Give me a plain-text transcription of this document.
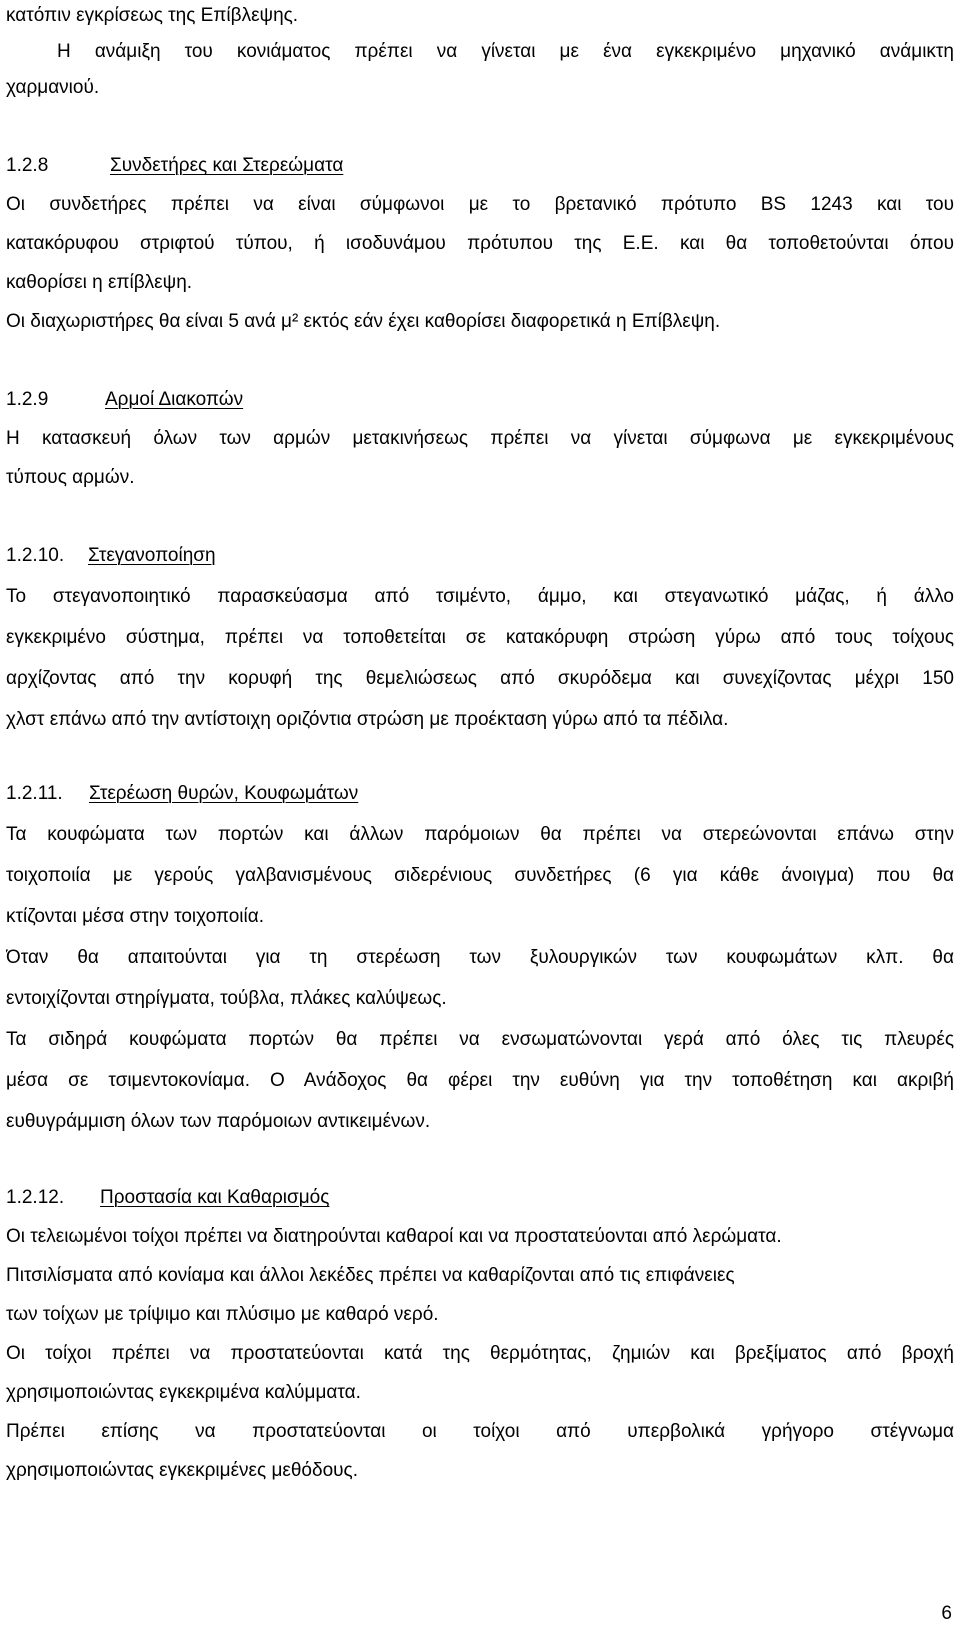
κατόπιν εγκρίσεως της Επίβλεψης.
Η ανάμιξη του κονιάματος πρέπει να γίνεται με ένα εγκεκριμένο μηχανικό ανάμικτη
χαρμανιού.
1.2.8	Συνδετήρες και Στερεώματα
Οι συνδετήρες πρέπει να είναι σύμφωνοι με το βρετανικό πρότυπο BS 1243 και του
κατακόρυφου στριφτού τύπου, ή ισοδυνάμου πρότυπου της Ε.Ε. και θα τοποθετούνται όπου
καθορίσει η επίβλεψη.
Οι διαχωριστήρες θα είναι 5 ανά μ² εκτός εάν έχει καθορίσει διαφορετικά η Επίβλεψη.
1.2.9	Αρμοί Διακοπών
Η κατασκευή όλων των αρμών μετακινήσεως πρέπει να γίνεται σύμφωνα με εγκεκριμένους
τύπους αρμών.
1.2.10. Στεγανοποίηση
Το στεγανοποιητικό παρασκεύασμα από τσιμέντο, άμμο, και στεγανωτικό μάζας, ή άλλο
εγκεκριμένο σύστημα, πρέπει να τοποθετείται σε κατακόρυφη στρώση γύρω από τους τοίχους
αρχίζοντας από την κορυφή της θεμελιώσεως από σκυρόδεμα και συνεχίζοντας μέχρι 150
χλστ επάνω από την αντίστοιχη οριζόντια στρώση με προέκταση γύρω από τα πέδιλα.
1.2.11. Στερέωση θυρών, Κουφωμάτων
Τα κουφώματα των πορτών και άλλων παρόμοιων θα πρέπει να στερεώνονται επάνω στην
τοιχοποιία με γερούς γαλβανισμένους σιδερένιους συνδετήρες (6 για κάθε άνοιγμα) που θα
κτίζονται μέσα στην τοιχοποιία.
Όταν θα απαιτούνται για τη στερέωση των ξυλουργικών των κουφωμάτων κλπ. θα
εντοιχίζονται στηρίγματα, τούβλα, πλάκες καλύψεως.
Τα σιδηρά κουφώματα πορτών θα πρέπει να ενσωματώνονται γερά από όλες τις πλευρές
μέσα σε τσιμεντοκονίαμα. Ο Ανάδοχος θα φέρει την ευθύνη για την τοποθέτηση και ακριβή
ευθυγράμμιση όλων των παρόμοιων αντικειμένων.
1.2.12. Προστασία και Καθαρισμός
Οι τελειωμένοι τοίχοι πρέπει να διατηρούνται καθαροί και να προστατεύονται από λερώματα.
Πιτσιλίσματα από κονίαμα και άλλοι λεκέδες πρέπει να καθαρίζονται από τις επιφάνειες
των τοίχων με τρίψιμο και πλύσιμο με καθαρό νερό.
Οι τοίχοι πρέπει να προστατεύονται κατά της θερμότητας, ζημιών και βρεξίματος από βροχή
χρησιμοποιώντας εγκεκριμένα καλύμματα.
Πρέπει επίσης να προστατεύονται οι τοίχοι από υπερβολικά γρήγορο στέγνωμα
χρησιμοποιώντας εγκεκριμένες μεθόδους.
6
